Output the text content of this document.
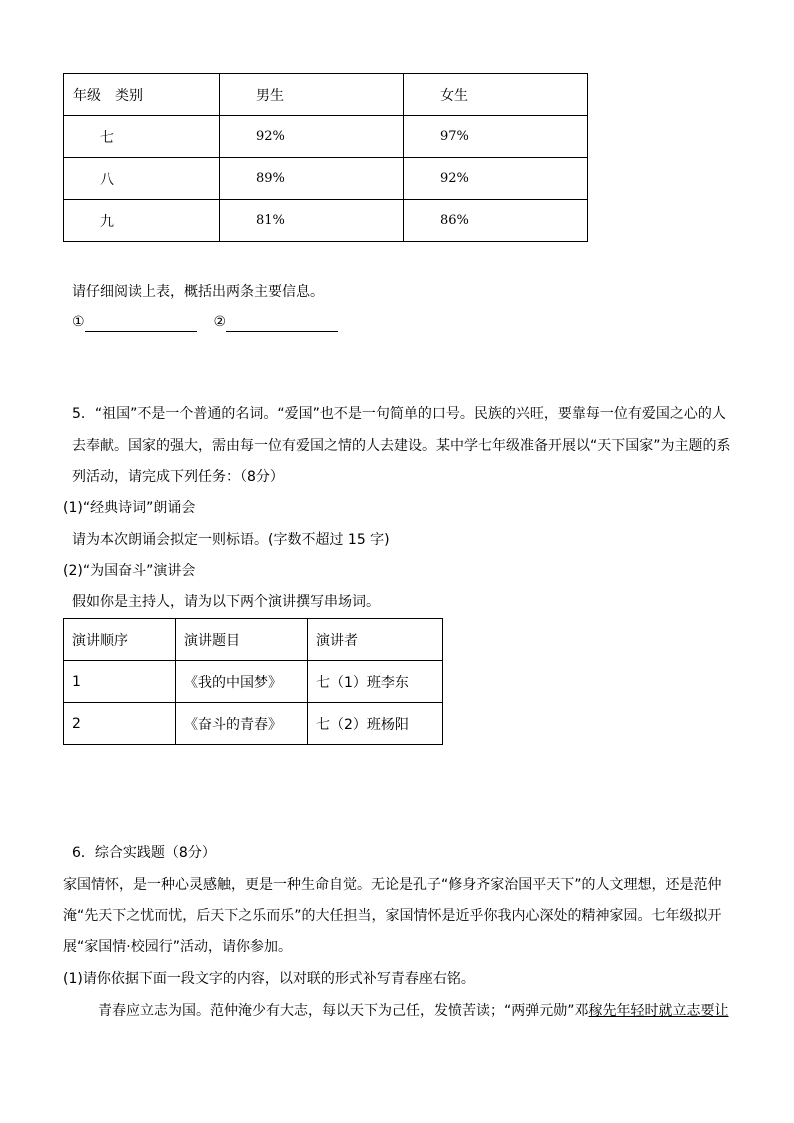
年级　类别	男生	女生
七	92%	97%
八	89%	92%
九	81%	86%
请仔细阅读上表，概括出两条主要信息。
①	②
5．“祖国”不是一个普通的名词。“爱国”也不是一句简单的口号。民族的兴旺，要靠每一位有爱国之心的人
去奉献。国家的强大，需由每一位有爱国之情的人去建设。某中学七年级准备开展以“天下国家”为主题的系
列活动，请完成下列任务：（8分）
(1)“经典诗词”朗诵会
请为本次朗诵会拟定一则标语。(字数不超过 15 字)
(2)“为国奋斗”演讲会
假如你是主持人，请为以下两个演讲撰写串场词。
演讲顺序	演讲题目	演讲者
1	《我的中国梦》	七（1）班李东
2	《奋斗的青春》	七（2）班杨阳
6．综合实践题（8分）
家国情怀，是一种心灵感触，更是一种生命自觉。无论是孔子“修身齐家治国平天下”的人文理想，还是范仲
淹“先天下之忧而忧，后天下之乐而乐”的大任担当，家国情怀是近乎你我内心深处的精神家园。七年级拟开
展“家国情·校园行”活动，请你参加。
(1)请你依据下面一段文字的内容，以对联的形式补写青春座右铭。
青春应立志为国。范仲淹少有大志，每以天下为己任，发愤苦读；“两弹元勋”邓稼先年轻时就立志要让
